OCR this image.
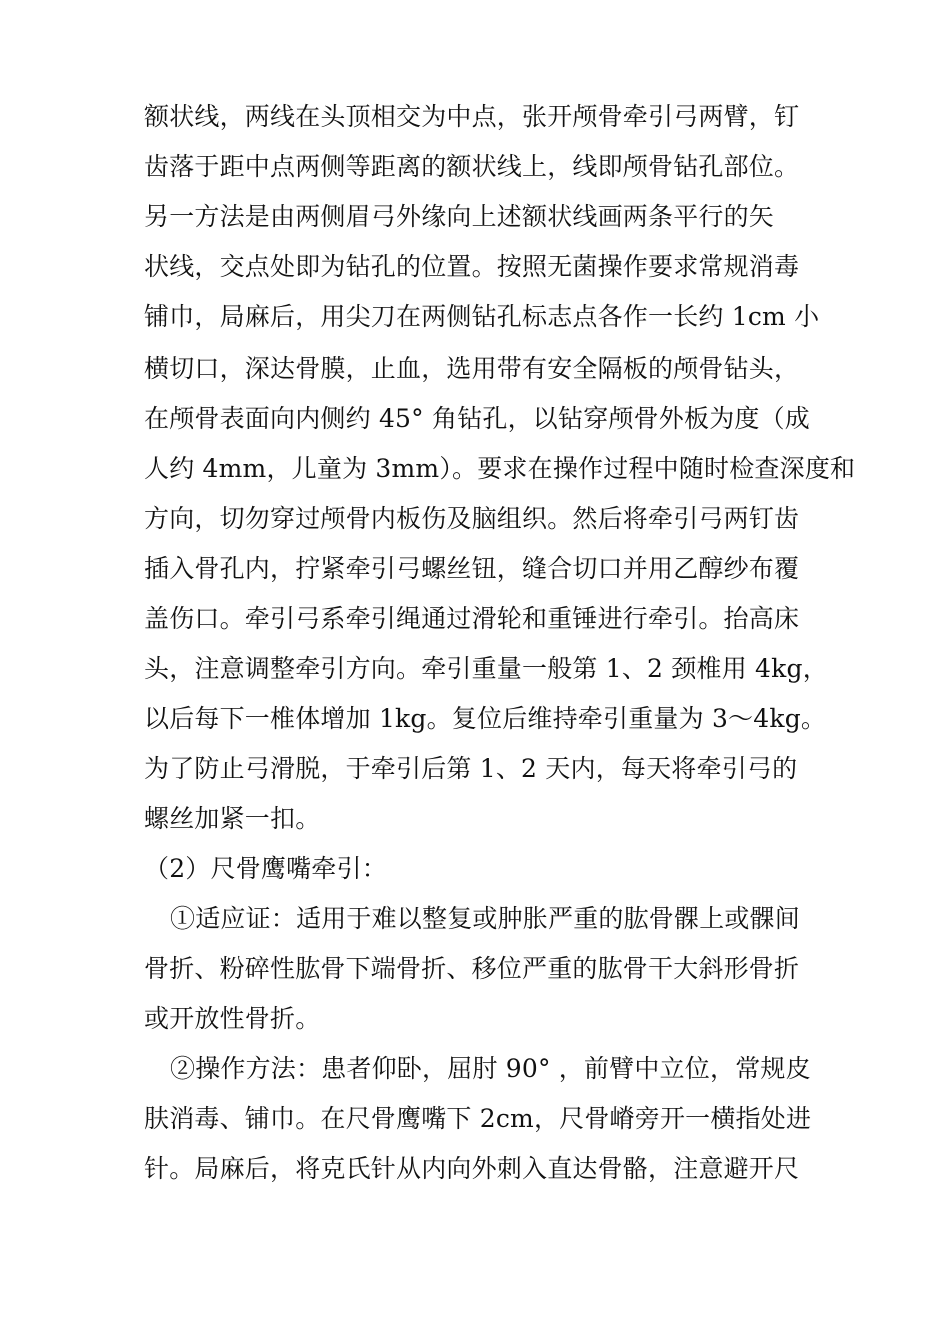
额状线，两线在头顶相交为中点，张开颅骨牵引弓两臂，钉
齿落于距中点两侧等距离的额状线上，线即颅骨钻孔部位。
另一方法是由两侧眉弓外缘向上述额状线画两条平行的矢
状线，交点处即为钻孔的位置。按照无菌操作要求常规消毒
铺巾，局麻后，用尖刀在两侧钻孔标志点各作一长约 1cm 小
横切口，深达骨膜，止血，选用带有安全隔板的颅骨钻头，
在颅骨表面向内侧约 45° 角钻孔，以钻穿颅骨外板为度（成
人约 4mm，儿童为 3mm）。要求在操作过程中随时检查深度和
方向，切勿穿过颅骨内板伤及脑组织。然后将牵引弓两钉齿
插入骨孔内，拧紧牵引弓螺丝钮，缝合切口并用乙醇纱布覆
盖伤口。牵引弓系牵引绳通过滑轮和重锤进行牵引。抬高床
头，注意调整牵引方向。牵引重量一般第 1、2 颈椎用 4kg，
以后每下一椎体增加 1kg。复位后维持牵引重量为 3～4kg。
为了防止弓滑脱，于牵引后第 1、2 天内，每天将牵引弓的
螺丝加紧一扣。
（2）尺骨鹰嘴牵引：
①适应证：适用于难以整复或肿胀严重的肱骨髁上或髁间
骨折、粉碎性肱骨下端骨折、移位严重的肱骨干大斜形骨折
或开放性骨折。
②操作方法：患者仰卧，屈肘 90° ，前臂中立位，常规皮
肤消毒、铺巾。在尺骨鹰嘴下 2cm，尺骨嵴旁开一横指处进
针。局麻后，将克氏针从内向外刺入直达骨骼，注意避开尺
